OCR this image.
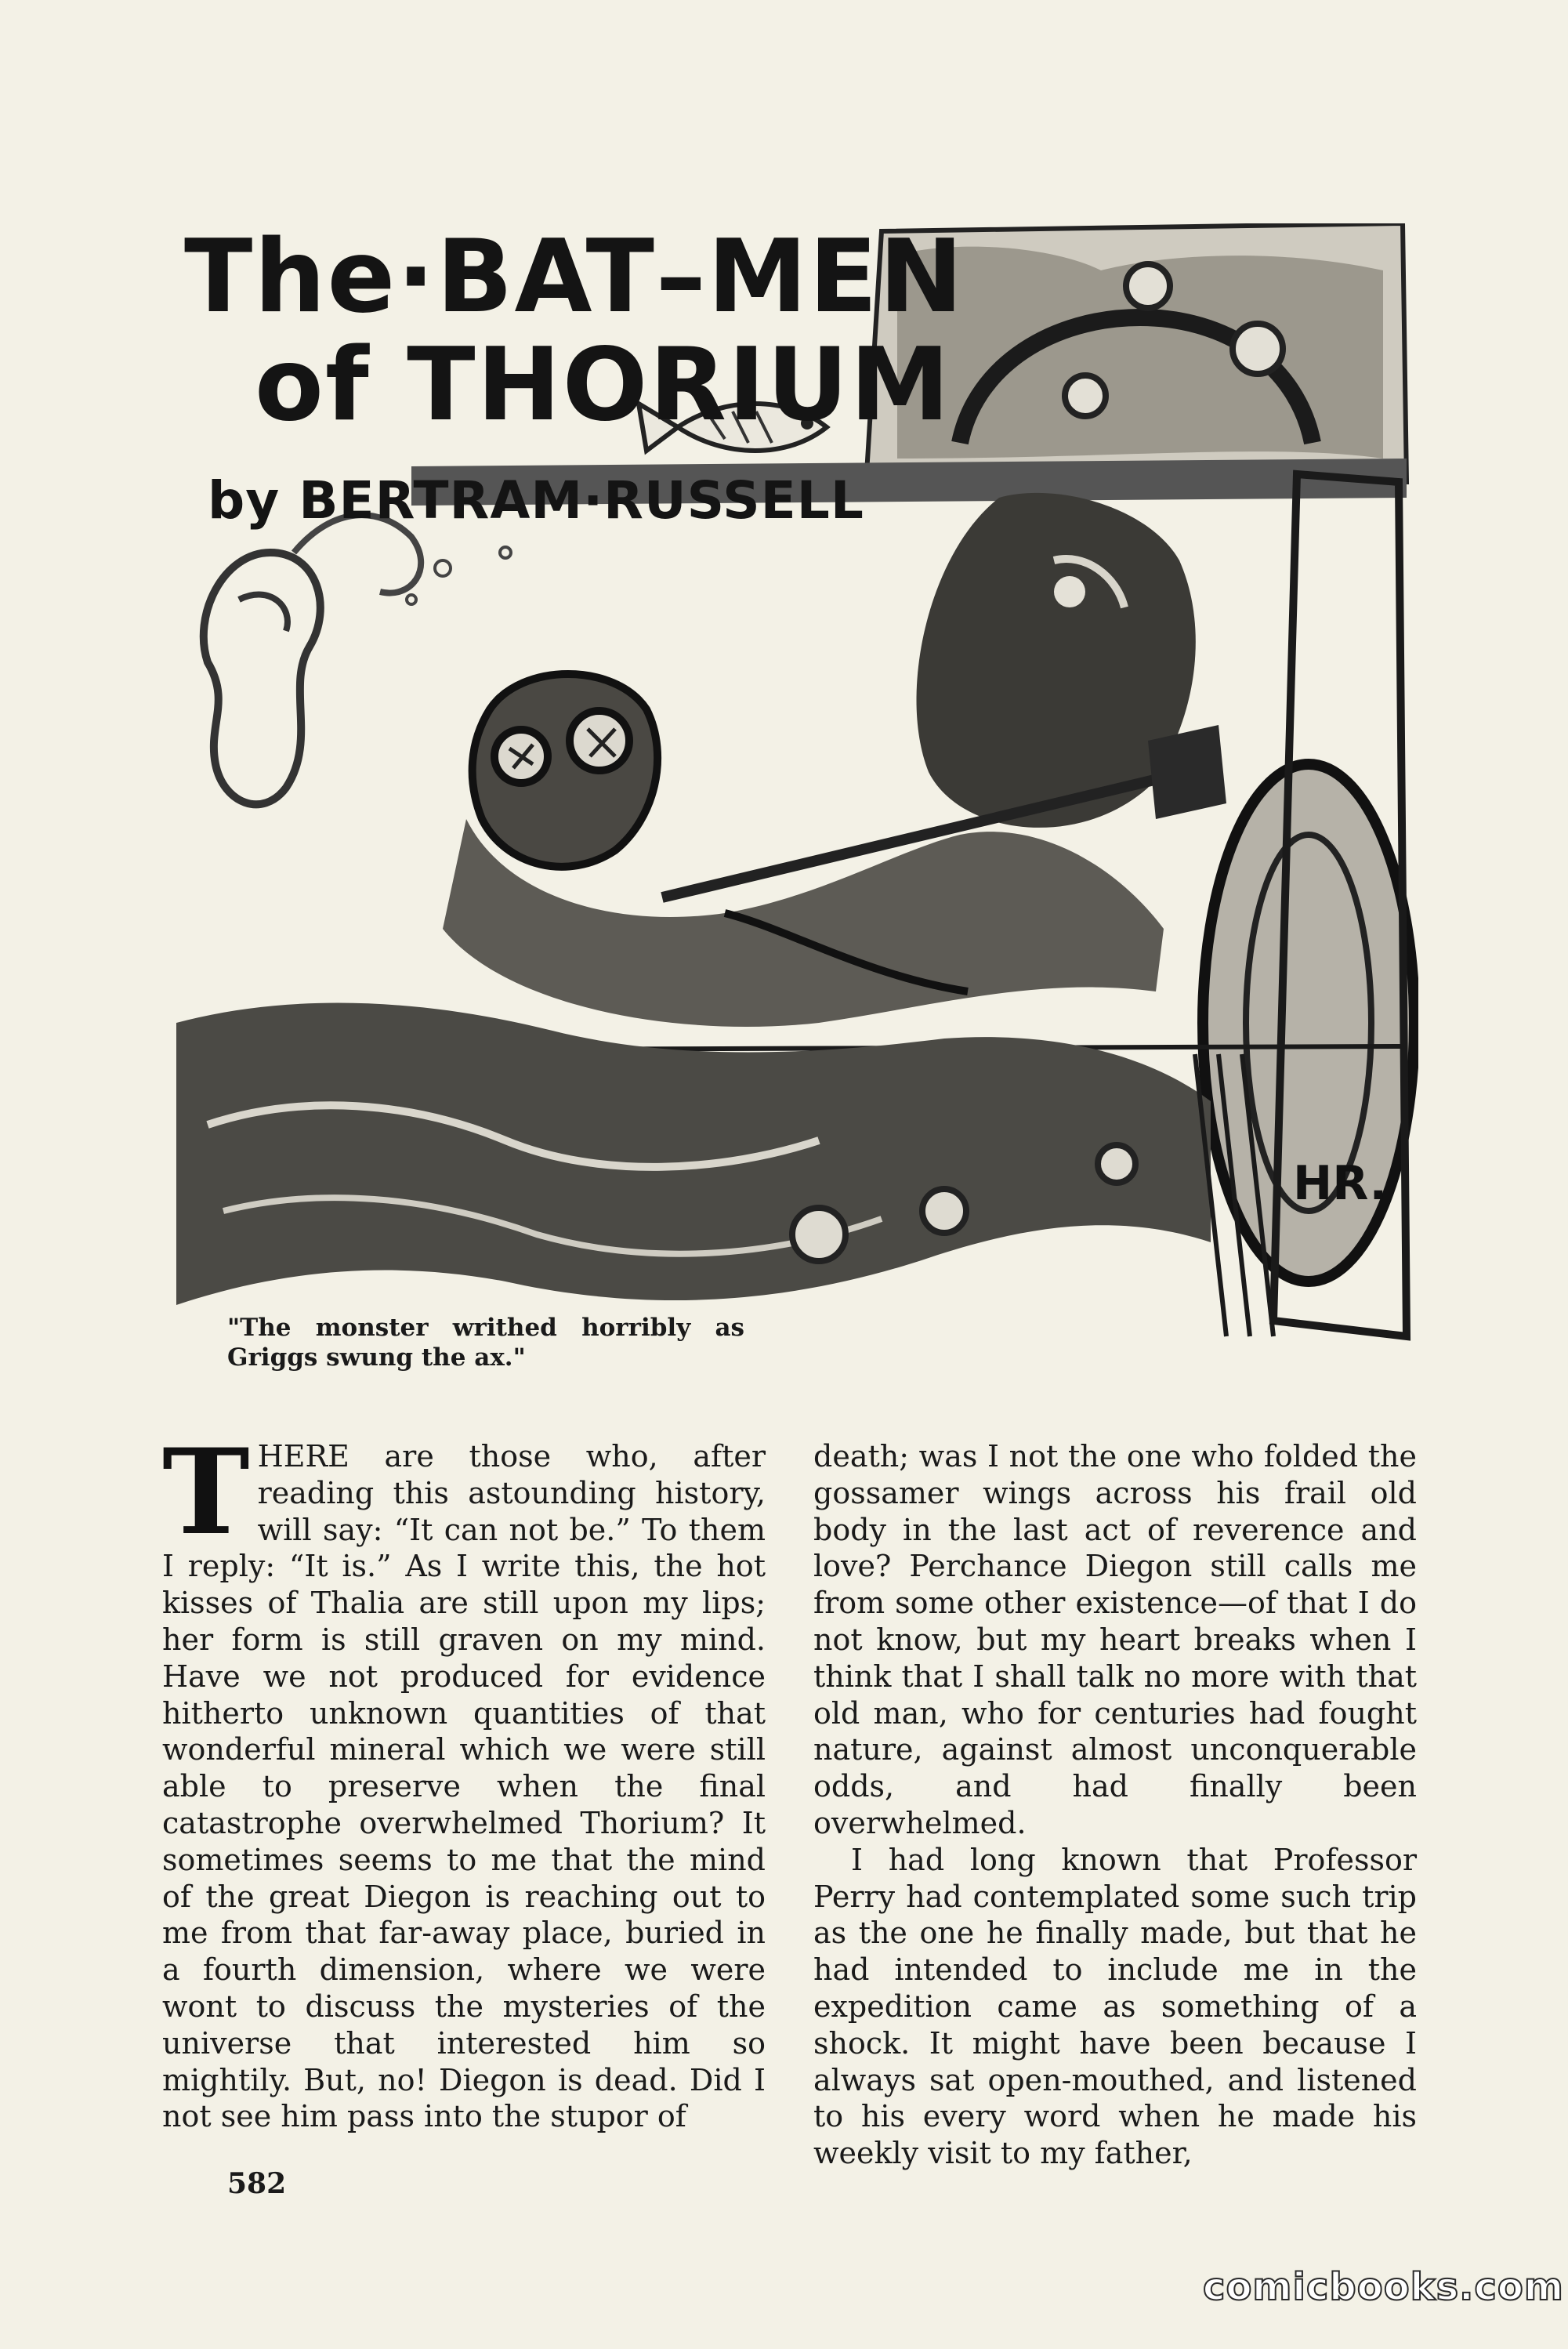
The·BAT–MEN
of THORIUM
by BERTRAM·RUSSELL
HR.
"The monster writhed horribly as Griggs swung the ax."

THERE are those who, after reading this astounding history, will say: “It can not be.” To them I reply: “It is.” As I write this, the hot kisses of Thalia are still upon my lips; her form is still graven on my mind. Have we not produced for evidence hitherto unknown quantities of that wonderful mineral which we were still able to preserve when the final catastrophe overwhelmed Thorium? It sometimes seems to me that the mind of the great Diegon is reaching out to me from that far-away place, buried in a fourth dimension, where we were wont to discuss the mysteries of the universe that interested him so mightily. But, no! Diegon is dead. Did I not see him pass into the stupor of

death; was I not the one who folded the gossamer wings across his frail old body in the last act of reverence and love? Perchance Diegon still calls me from some other existence—of that I do not know, but my heart breaks when I think that I shall talk no more with that old man, who for centuries had fought nature, against almost unconquerable odds, and had finally been overwhelmed.

I had long known that Professor Perry had contemplated some such trip as the one he finally made, but that he had intended to include me in the expedition came as something of a shock. It might have been because I always sat open-mouthed, and listened to his every word when he made his weekly visit to my father,

582
comicbooks.com
